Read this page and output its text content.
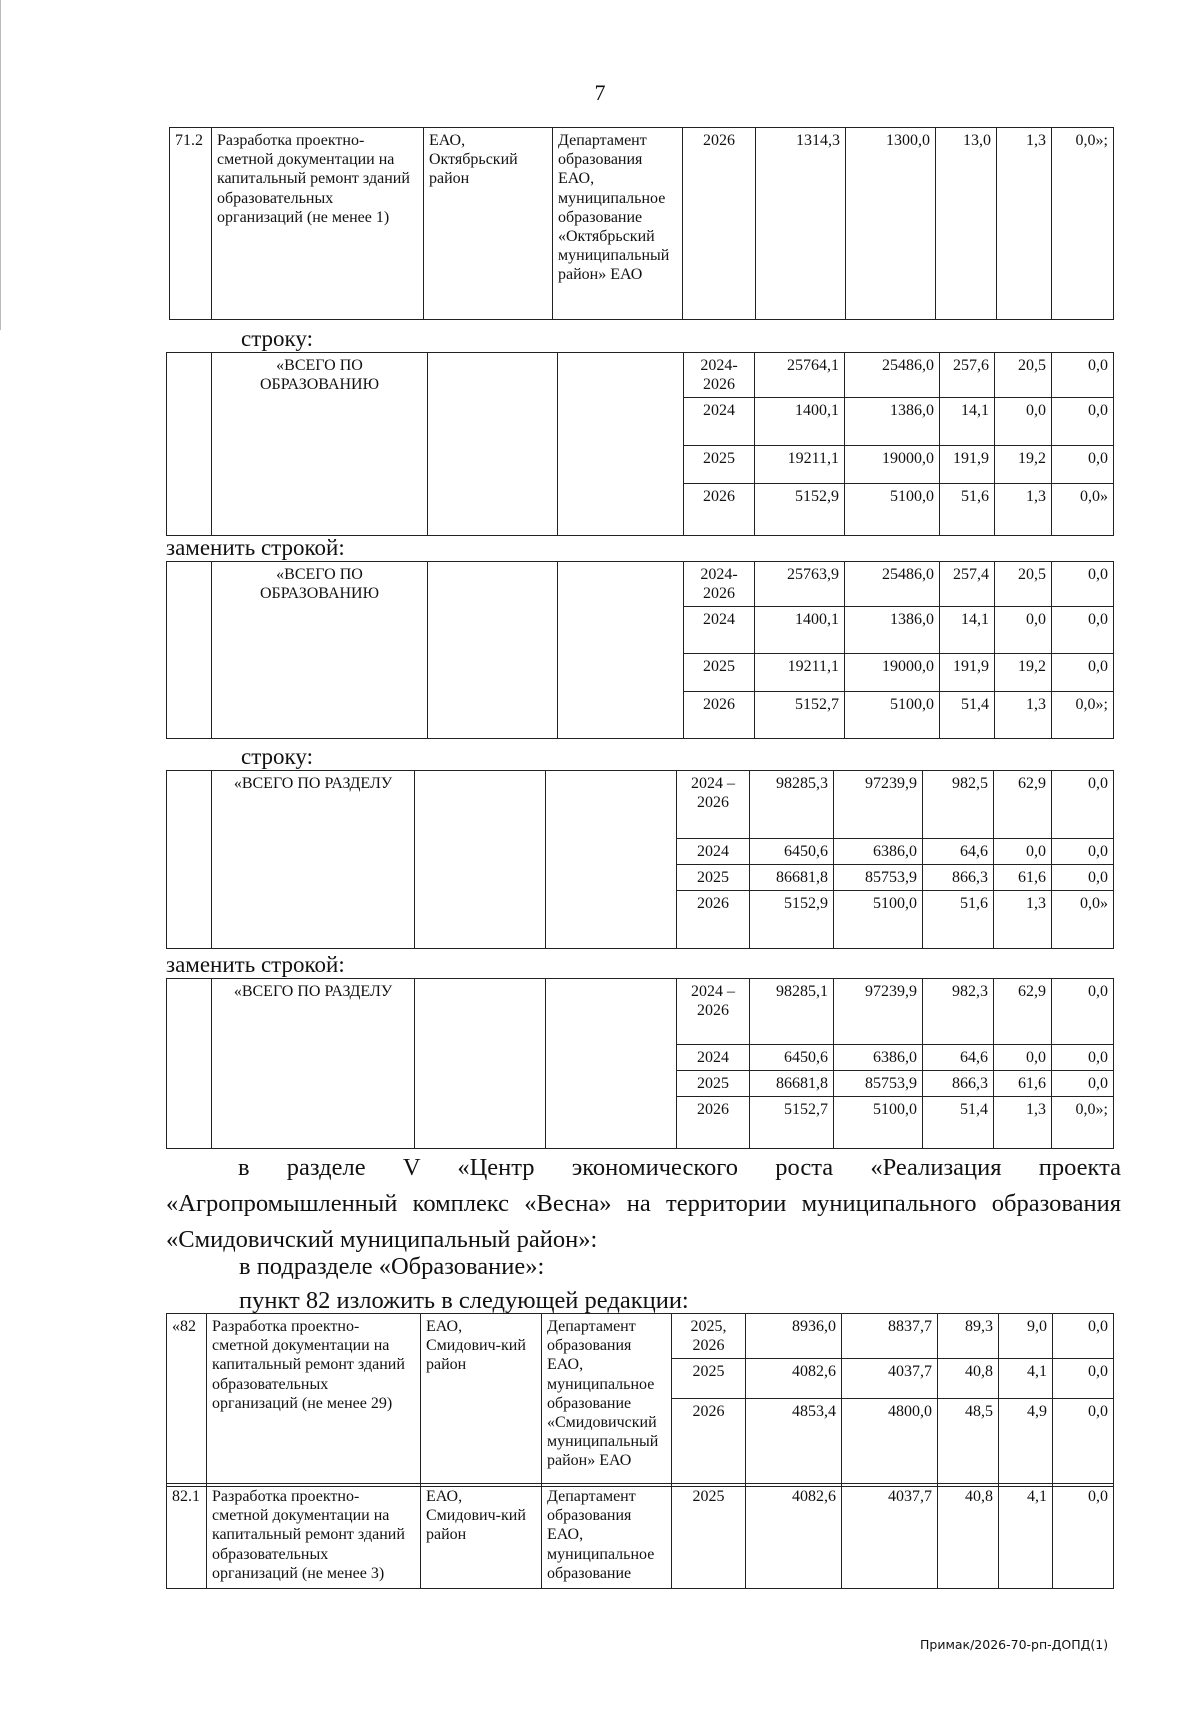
7
71.2	Разработка проектно-сметной документации на капитальный ремонт зданий образовательных организаций (не менее 1)	ЕАО, Октябрьский район	Департамент образования ЕАО, муниципальное образование «Октябрьский муниципальный район» ЕАО	2026	1314,3	1300,0	13,0	1,3	0,0»;
строку:
	«ВСЕГО ПО ОБРАЗОВАНИЮ			2024-2026	25764,1	25486,0	257,6	20,5	0,0
				2024	1400,1	1386,0	14,1	0,0	0,0
				2025	19211,1	19000,0	191,9	19,2	0,0
				2026	5152,9	5100,0	51,6	1,3	0,0»
заменить строкой:
	«ВСЕГО ПО ОБРАЗОВАНИЮ			2024-2026	25763,9	25486,0	257,4	20,5	0,0
				2024	1400,1	1386,0	14,1	0,0	0,0
				2025	19211,1	19000,0	191,9	19,2	0,0
				2026	5152,7	5100,0	51,4	1,3	0,0»;
строку:
	«ВСЕГО ПО РАЗДЕЛУ			2024 – 2026	98285,3	97239,9	982,5	62,9	0,0
				2024	6450,6	6386,0	64,6	0,0	0,0
				2025	86681,8	85753,9	866,3	61,6	0,0
				2026	5152,9	5100,0	51,6	1,3	0,0»
заменить строкой:
	«ВСЕГО ПО РАЗДЕЛУ			2024 – 2026	98285,1	97239,9	982,3	62,9	0,0
				2024	6450,6	6386,0	64,6	0,0	0,0
				2025	86681,8	85753,9	866,3	61,6	0,0
				2026	5152,7	5100,0	51,4	1,3	0,0»;
в разделе V «Центр экономического роста «Реализация проекта «Агропромышленный комплекс «Весна» на территории муниципального образования «Смидовичский муниципальный район»:
в подразделе «Образование»:
пункт 82 изложить в следующей редакции:
«82	Разработка проектно-сметной документации на капитальный ремонт зданий образовательных организаций (не менее 29)	ЕАО, Смидович-кий район	Департамент образования ЕАО, муниципальное образование «Смидовичский муниципальный район» ЕАО	2025, 2026	8936,0	8837,7	89,3	9,0	0,0
				2025	4082,6	4037,7	40,8	4,1	0,0
				2026	4853,4	4800,0	48,5	4,9	0,0
82.1	Разработка проектно-сметной документации на капитальный ремонт зданий образовательных организаций (не менее 3)	ЕАО, Смидович-кий район	Департамент образования ЕАО, муниципальное образование	2025	4082,6	4037,7	40,8	4,1	0,0
Примак/2026-70-рп-ДОПД(1)
